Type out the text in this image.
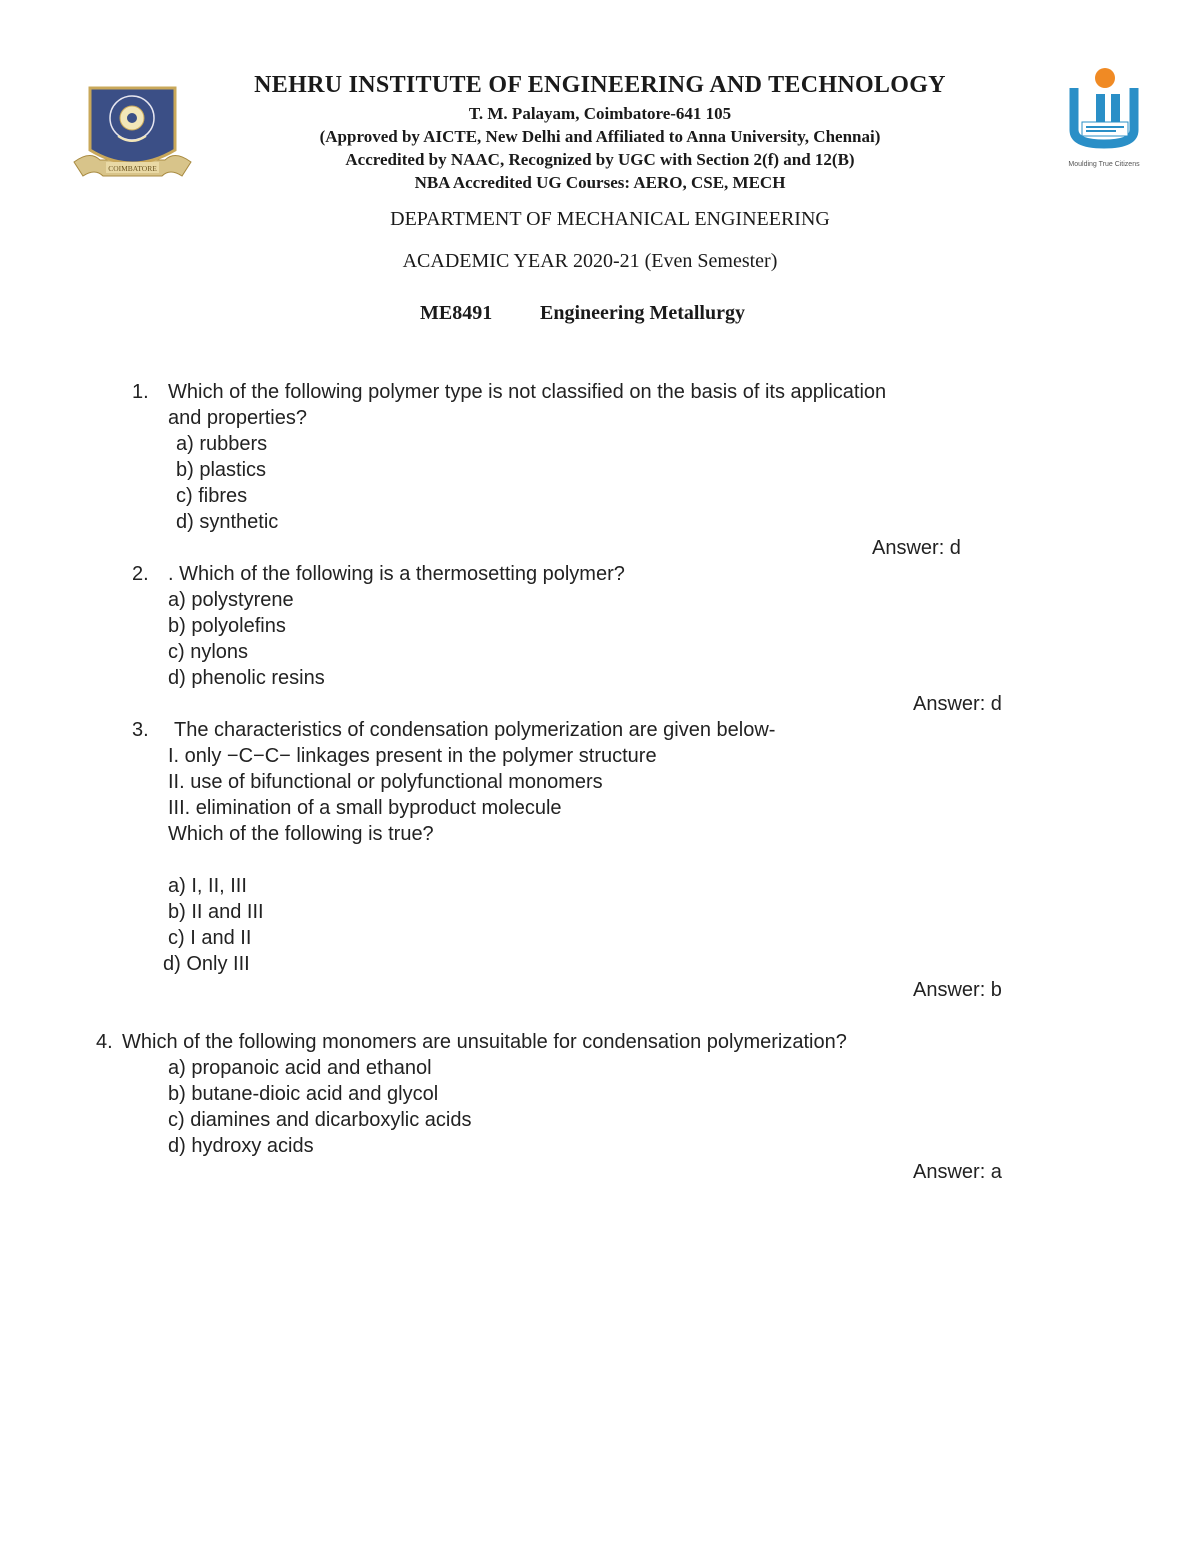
COIMBATORE	Moulding True Citizens
NEHRU INSTITUTE OF ENGINEERING AND TECHNOLOGY
T. M. Palayam, Coimbatore-641 105
(Approved by AICTE, New Delhi and Affiliated to Anna University, Chennai)
Accredited by NAAC, Recognized by UGC with Section 2(f) and 12(B)
NBA Accredited UG Courses: AERO, CSE, MECH
DEPARTMENT OF MECHANICAL ENGINEERING
ACADEMIC YEAR 2020-21 (Even Semester)
ME8491 Engineering Metallurgy
1. Which of the following polymer type is not classified on the basis of its application
and properties?
a) rubbers
b) plastics
c) fibres
d) synthetic
Answer: d
2. . Which of the following is a thermosetting polymer?
a) polystyrene
b) polyolefins
c) nylons
d) phenolic resins
Answer: d
3. The characteristics of condensation polymerization are given below-
I. only −C−C− linkages present in the polymer structure
II. use of bifunctional or polyfunctional monomers
III. elimination of a small byproduct molecule
Which of the following is true?
a) I, II, III
b) II and III
c) I and II
d) Only III
Answer: b
4. Which of the following monomers are unsuitable for condensation polymerization?
a) propanoic acid and ethanol
b) butane-dioic acid and glycol
c) diamines and dicarboxylic acids
d) hydroxy acids
Answer: a
